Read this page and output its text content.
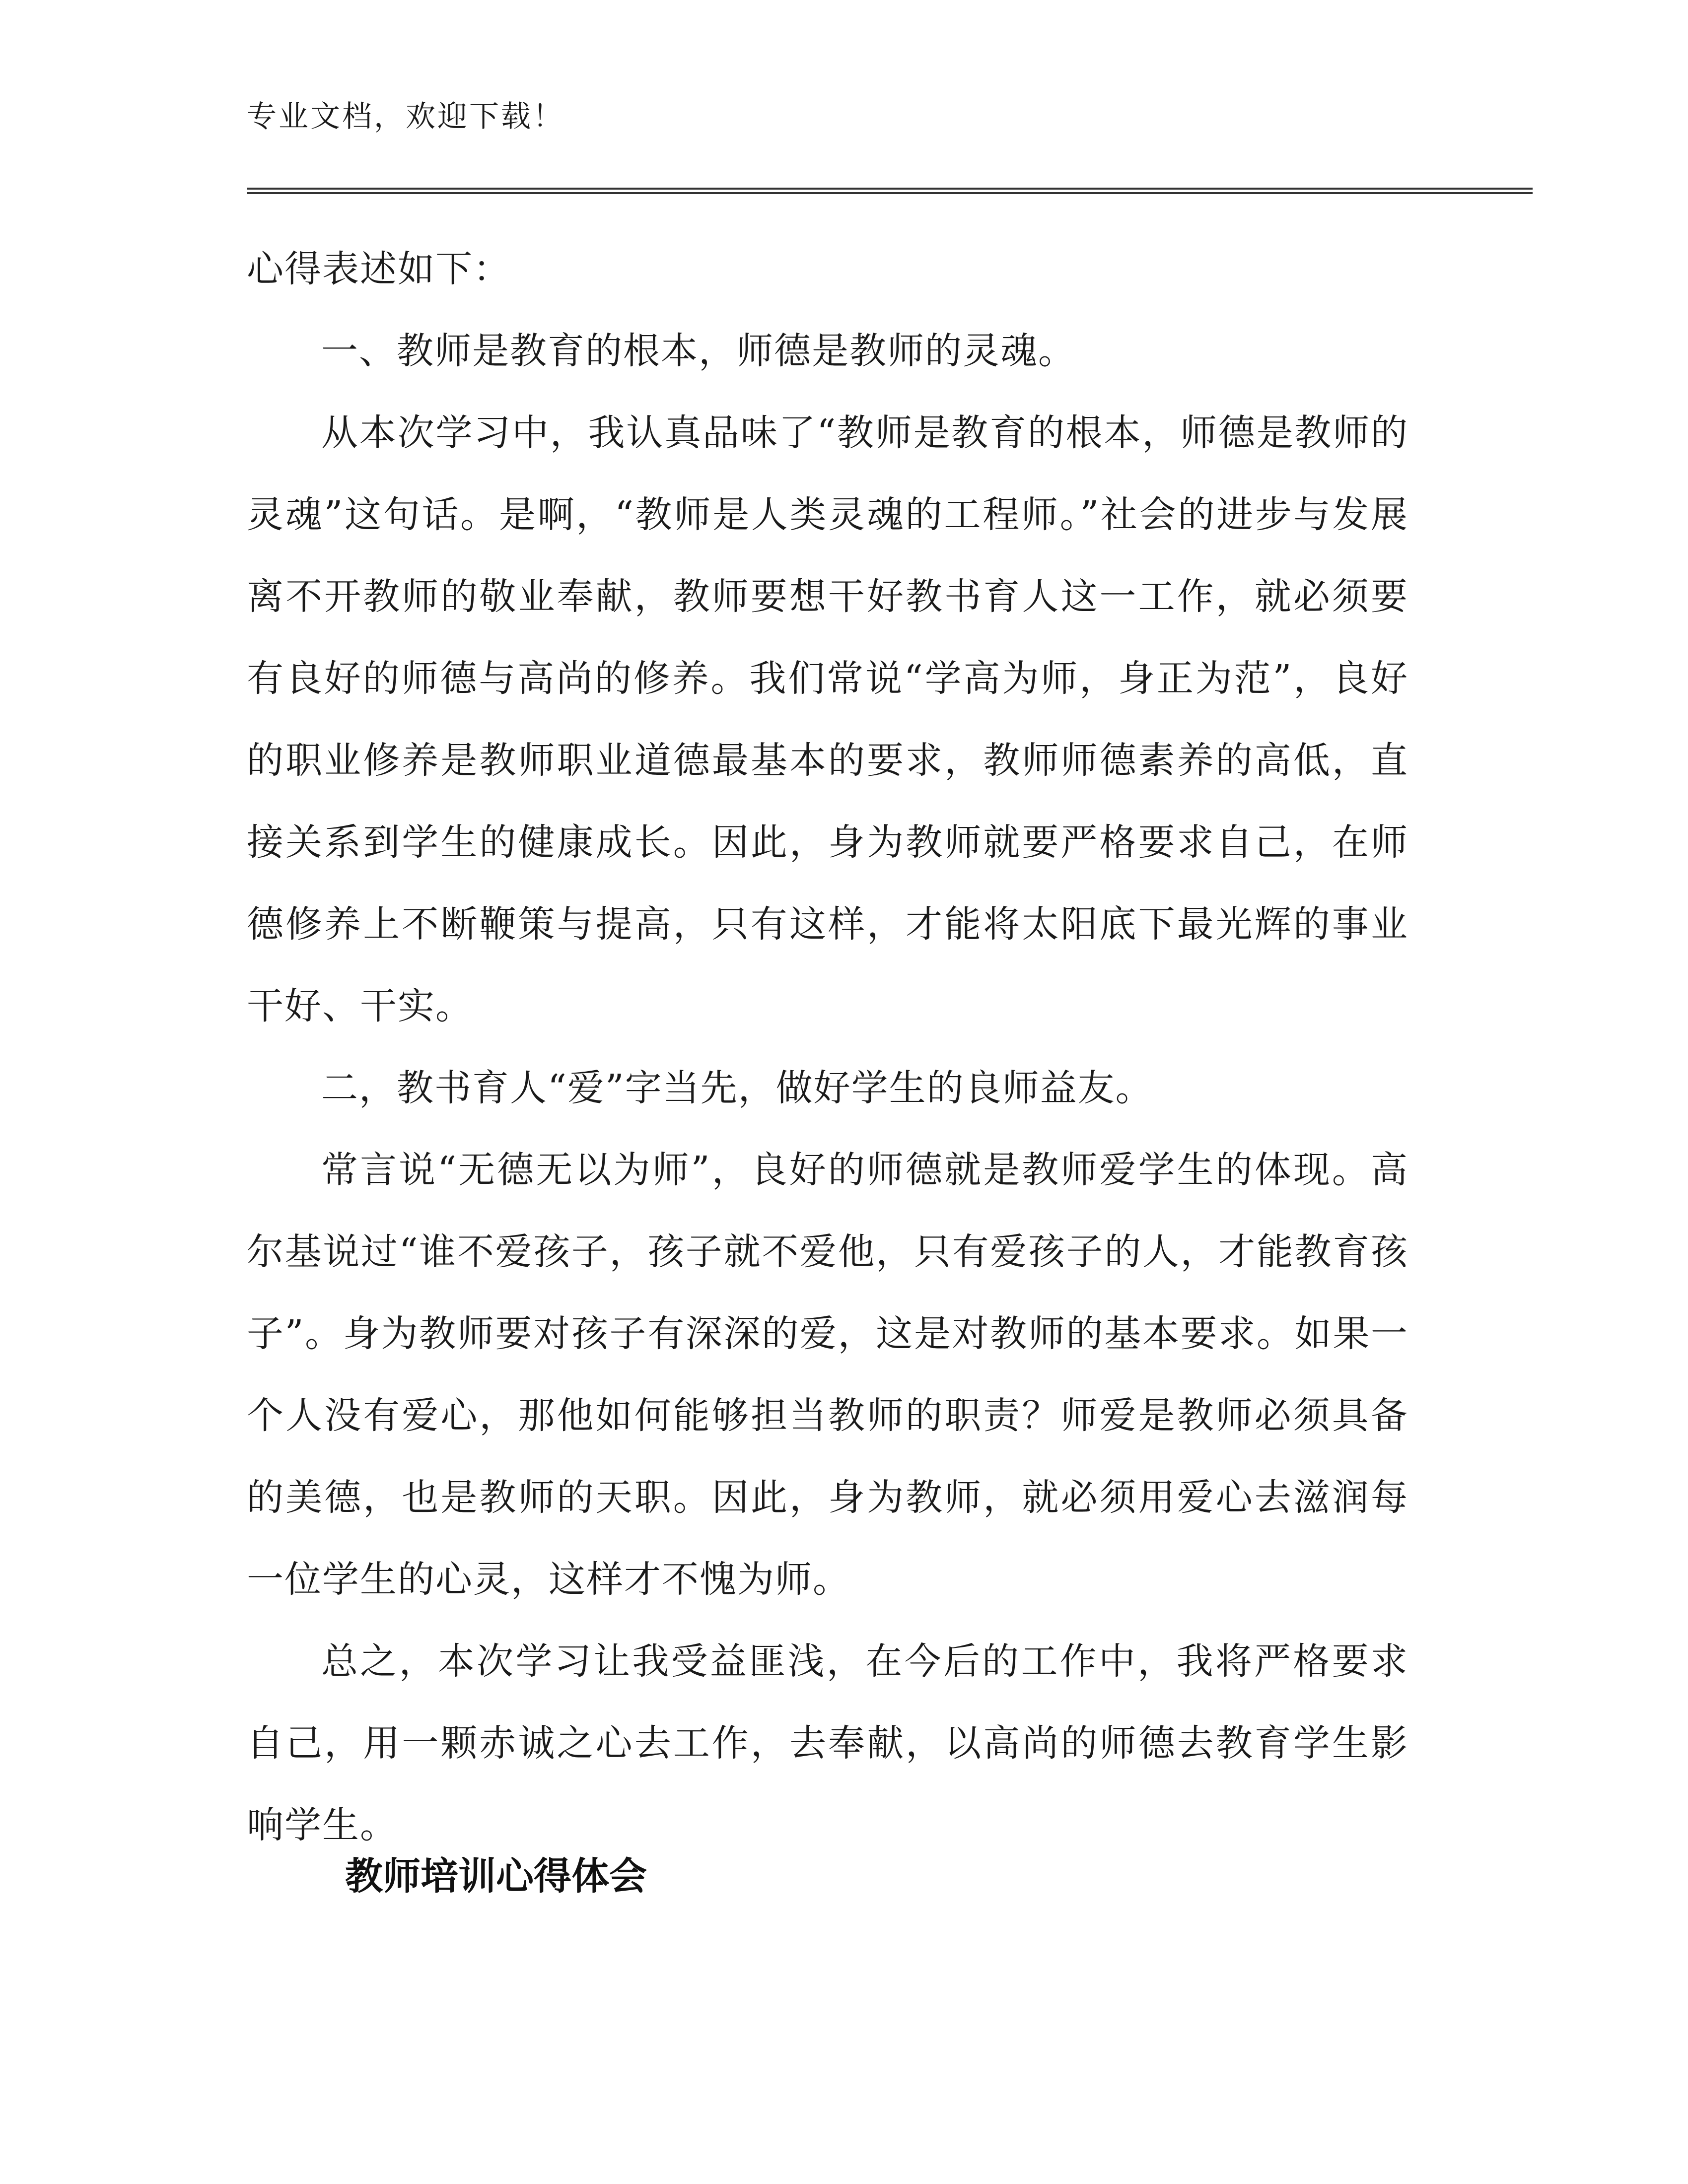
专业文档，欢迎下载！

心得表述如下：

一、教师是教育的根本，师德是教师的灵魂。

从本次学习中，我认真品味了“教师是教育的根本，师德是教师的灵魂”这句话。是啊，“教师是人类灵魂的工程师。”社会的进步与发展离不开教师的敬业奉献，教师要想干好教书育人这一工作，就必须要有良好的师德与高尚的修养。我们常说“学高为师，身正为范”，良好的职业修养是教师职业道德最基本的要求，教师师德素养的高低，直接关系到学生的健康成长。因此，身为教师就要严格要求自己，在师德修养上不断鞭策与提高，只有这样，才能将太阳底下最光辉的事业干好、干实。

二，教书育人“爱”字当先，做好学生的良师益友。

常言说“无德无以为师”，良好的师德就是教师爱学生的体现。高尔基说过“谁不爱孩子，孩子就不爱他，只有爱孩子的人，才能教育孩子”。身为教师要对孩子有深深的爱，这是对教师的基本要求。如果一个人没有爱心，那他如何能够担当教师的职责？师爱是教师必须具备的美德，也是教师的天职。因此，身为教师，就必须用爱心去滋润每一位学生的心灵，这样才不愧为师。

总之，本次学习让我受益匪浅，在今后的工作中，我将严格要求自己，用一颗赤诚之心去工作，去奉献，以高尚的师德去教育学生影响学生。

教师培训心得体会
